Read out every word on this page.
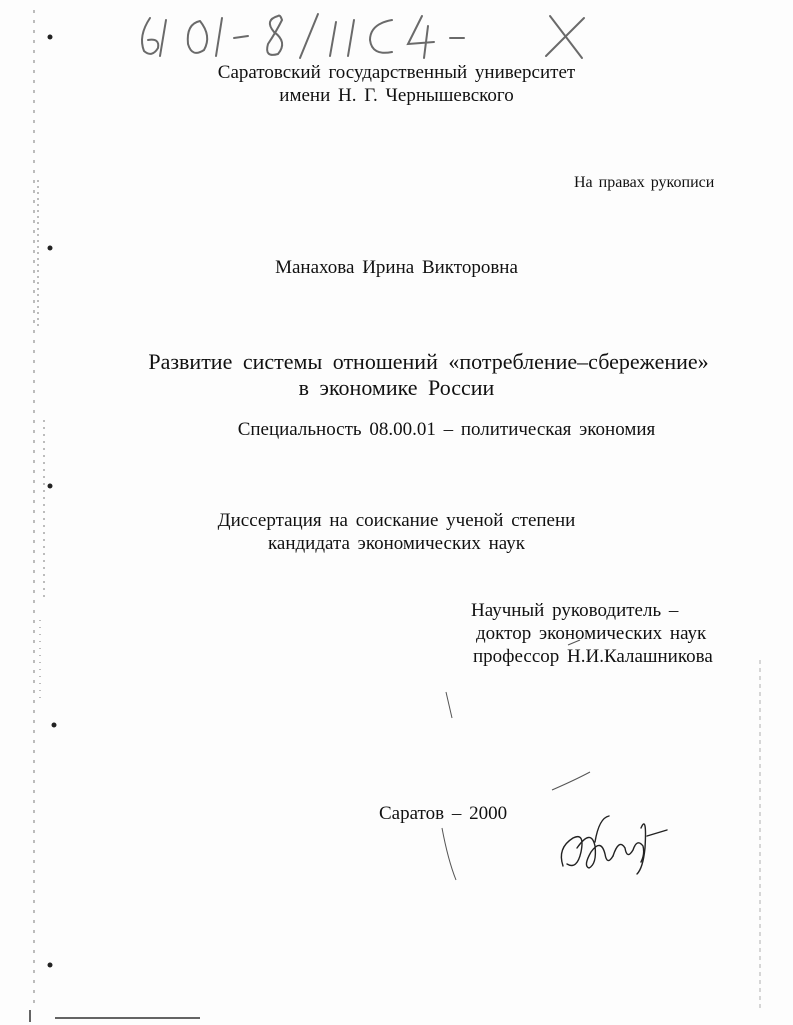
Саратовский государственный университет
имени Н. Г. Чернышевского
На правах рукописи
Манахова Ирина Викторовна
Развитие системы отношений «потребление–сбережение»
в экономике России
Специальность 08.00.01 – политическая экономия
Диссертация на соискание ученой степени
кандидата экономических наук
Научный руководитель –
доктор экономических наук
профессор Н.И.Калашникова
Саратов – 2000
